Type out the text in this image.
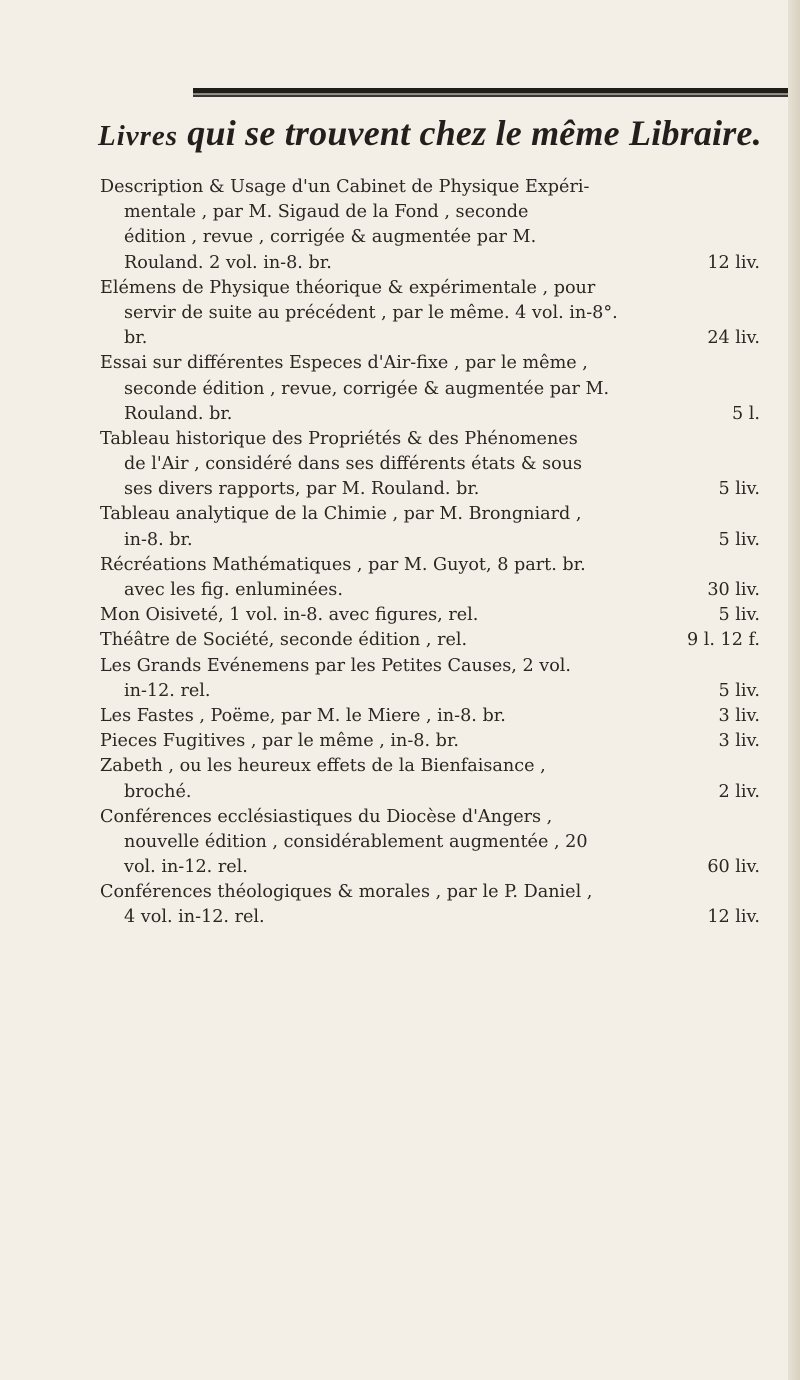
Livres qui se trouvent chez le même Libraire.
Description & Usage d'un Cabinet de Physique Expéri-
mentale , par M. Sigaud de la Fond , seconde
édition , revue , corrigée & augmentée par M.
Rouland. 2 vol. in-8. br.	12 liv.
Elémens de Physique théorique & expérimentale , pour
servir de suite au précédent , par le même. 4 vol. in-8°.
br.	24 liv.
Essai sur différentes Especes d'Air-fixe , par le même ,
seconde édition , revue, corrigée & augmentée par M.
Rouland. br.	5 l.
Tableau historique des Propriétés & des Phénomenes
de l'Air , considéré dans ses différents états & sous
ses divers rapports, par M. Rouland. br.	5 liv.
Tableau analytique de la Chimie , par M. Brongniard ,
in-8. br.	5 liv.
Récréations Mathématiques , par M. Guyot, 8 part. br.
avec les fig. enluminées.	30 liv.
Mon Oisiveté, 1 vol. in-8. avec figures, rel.	5 liv.
Théâtre de Société, seconde édition , rel.	9 l. 12 f.
Les Grands Evénemens par les Petites Causes, 2 vol.
in-12. rel.	5 liv.
Les Fastes , Poëme, par M. le Miere , in-8. br.	3 liv.
Pieces Fugitives , par le même , in-8. br.	3 liv.
Zabeth , ou les heureux effets de la Bienfaisance ,
broché.	2 liv.
Conférences ecclésiastiques du Diocèse d'Angers ,
nouvelle édition , considérablement augmentée , 20
vol. in-12. rel.	60 liv.
Conférences théologiques & morales , par le P. Daniel ,
4 vol. in-12. rel.	12 liv.
